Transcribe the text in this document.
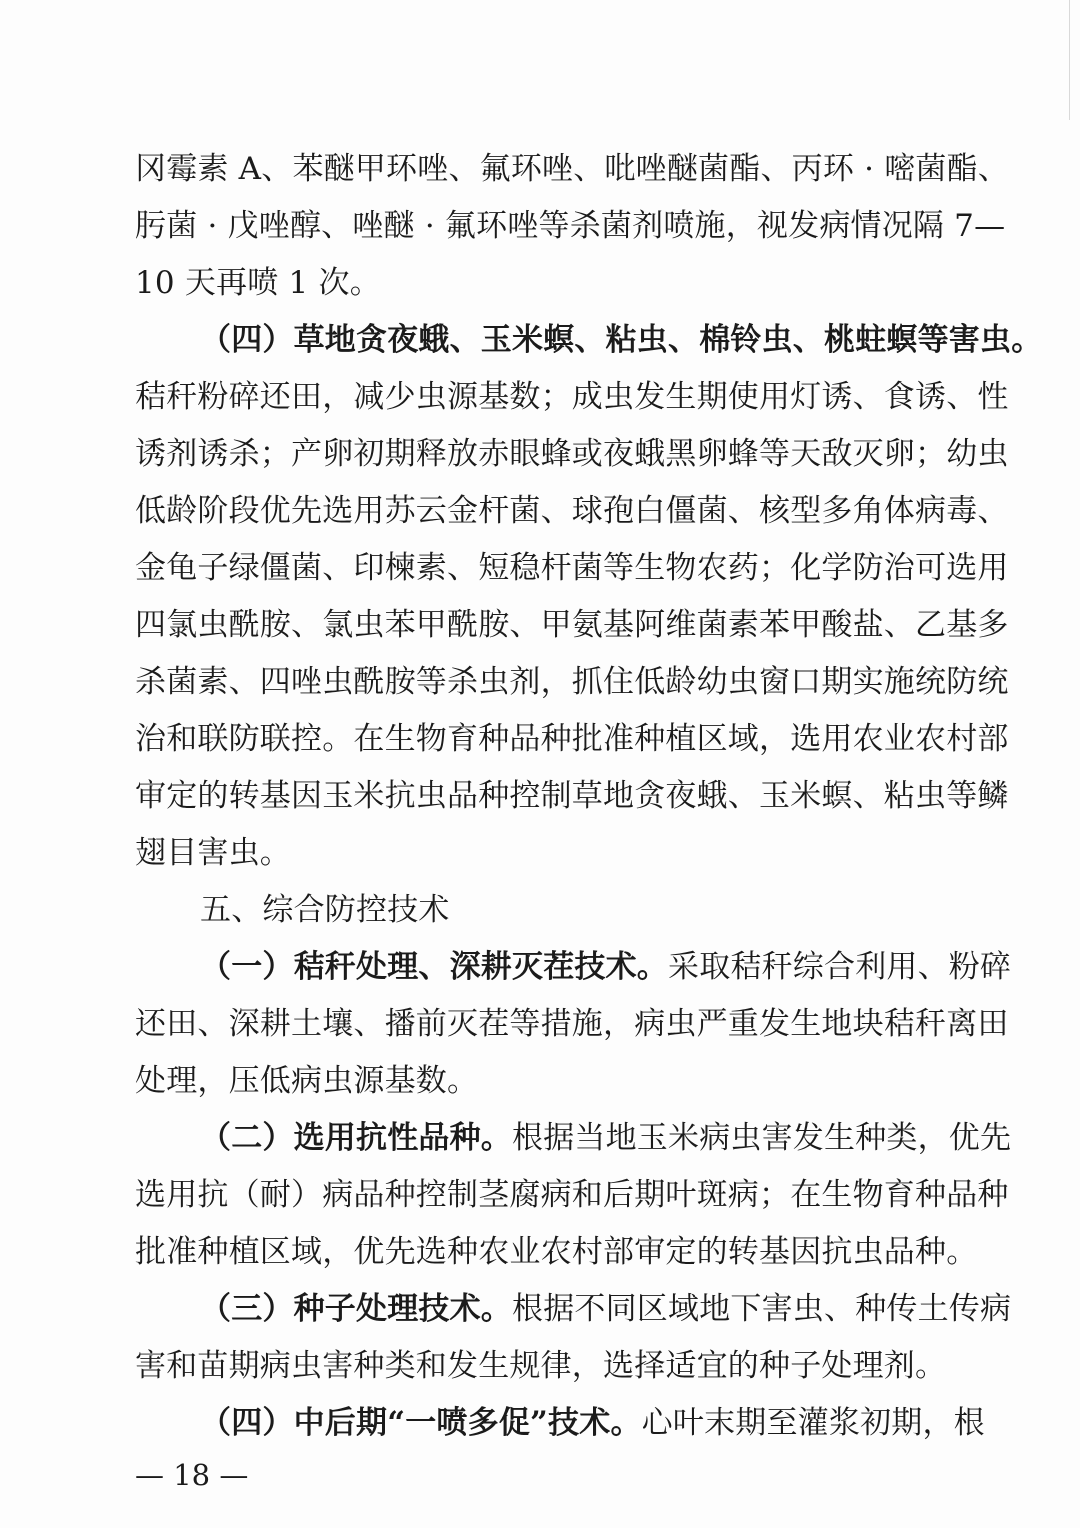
冈霉素 A、苯醚甲环唑、氟环唑、吡唑醚菌酯、丙环 · 嘧菌酯、
肟菌 · 戊唑醇、唑醚 · 氟环唑等杀菌剂喷施，视发病情况隔 7—
10 天再喷 1 次。
（四）草地贪夜蛾、玉米螟、粘虫、棉铃虫、桃蛀螟等害虫。
秸秆粉碎还田，减少虫源基数；成虫发生期使用灯诱、食诱、性
诱剂诱杀；产卵初期释放赤眼蜂或夜蛾黑卵蜂等天敌灭卵；幼虫
低龄阶段优先选用苏云金杆菌、球孢白僵菌、核型多角体病毒、
金龟子绿僵菌、印楝素、短稳杆菌等生物农药；化学防治可选用
四氯虫酰胺、氯虫苯甲酰胺、甲氨基阿维菌素苯甲酸盐、乙基多
杀菌素、四唑虫酰胺等杀虫剂，抓住低龄幼虫窗口期实施统防统
治和联防联控。在生物育种品种批准种植区域，选用农业农村部
审定的转基因玉米抗虫品种控制草地贪夜蛾、玉米螟、粘虫等鳞
翅目害虫。
五、综合防控技术
（一）秸秆处理、深耕灭茬技术。采取秸秆综合利用、粉碎
还田、深耕土壤、播前灭茬等措施，病虫严重发生地块秸秆离田
处理，压低病虫源基数。
（二）选用抗性品种。根据当地玉米病虫害发生种类，优先
选用抗（耐）病品种控制茎腐病和后期叶斑病；在生物育种品种
批准种植区域，优先选种农业农村部审定的转基因抗虫品种。
（三）种子处理技术。根据不同区域地下害虫、种传土传病
害和苗期病虫害种类和发生规律，选择适宜的种子处理剂。
（四）中后期“一喷多促”技术。心叶末期至灌浆初期，根
— 18 —
